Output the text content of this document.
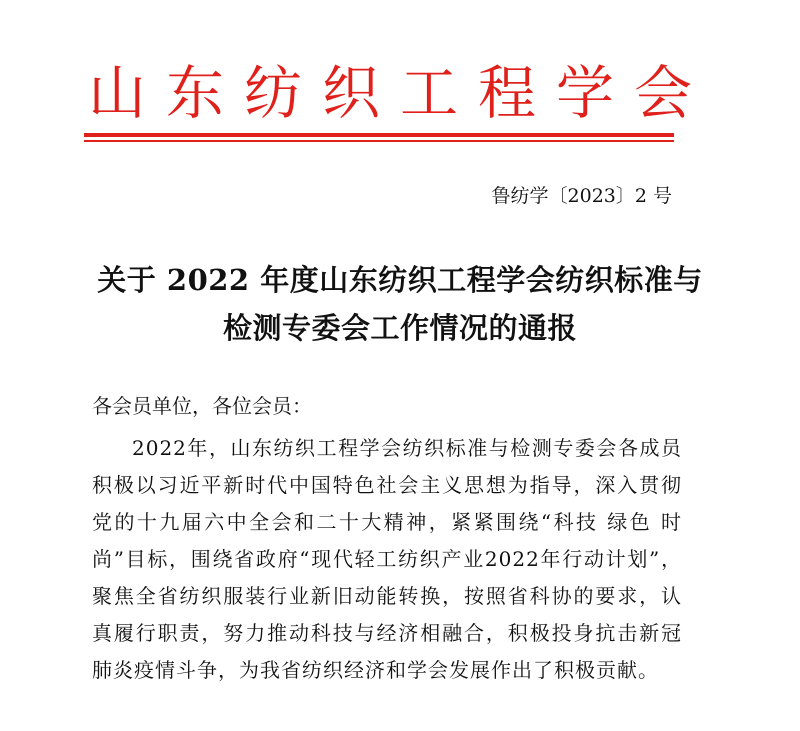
山东纺织工程学会
鲁纺学〔2023〕2 号
关于 2022 年度山东纺织工程学会纺织标准与
检测专委会工作情况的通报
各会员单位，各位会员：
2022年，山东纺织工程学会纺织标准与检测专委会各成员
积极以习近平新时代中国特色社会主义思想为指导，深入贯彻
党的十九届六中全会和二十大精神，紧紧围绕“科技 绿色 时
尚”目标，围绕省政府“现代轻工纺织产业2022年行动计划”，
聚焦全省纺织服装行业新旧动能转换，按照省科协的要求，认
真履行职责，努力推动科技与经济相融合，积极投身抗击新冠
肺炎疫情斗争，为我省纺织经济和学会发展作出了积极贡献。
